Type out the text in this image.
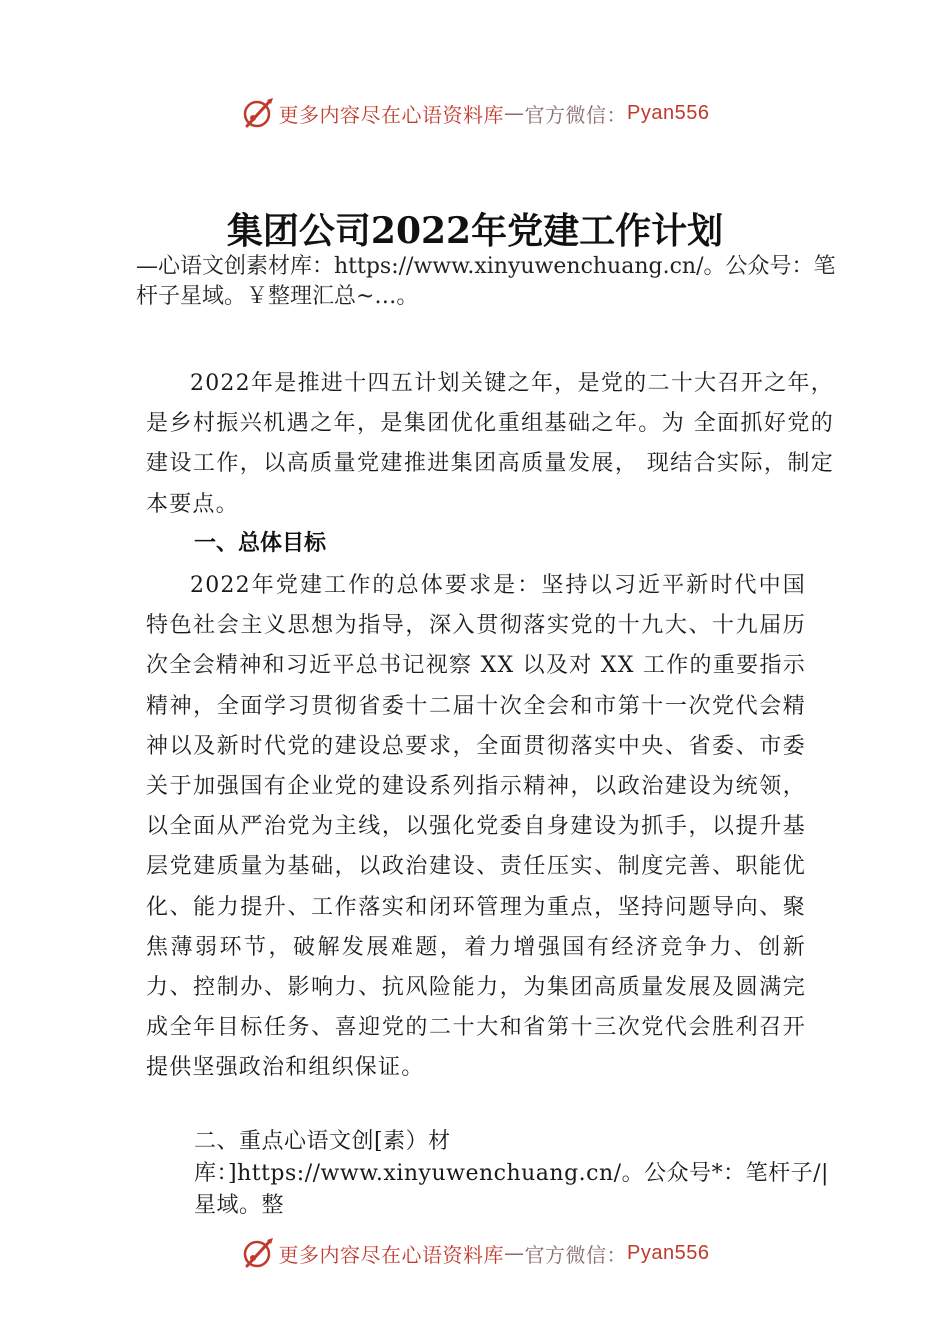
更多内容尽在心语资料库 — 官方微信： Pyan556
集团公司2022年党建工作计划
—心语文创素材库：https://www.xinyuwenchuang.cn/。公众号：笔杆子星域。￥整理汇总~…。

2022年是推进十四五计划关键之年，是党的二十大召开之年，是乡村振兴机遇之年，是集团优化重组基础之年。为 全面抓好党的建设工作，以高质量党建推进集团高质量发展， 现结合实际，制定本要点。

一、总体目标

2022年党建工作的总体要求是：坚持以习近平新时代中国特色社会主义思想为指导，深入贯彻落实党的十九大、十九届历次全会精神和习近平总书记视察 XX 以及对 XX 工作的重要指示精神，全面学习贯彻省委十二届十次全会和市第十一次党代会精神以及新时代党的建设总要求，全面贯彻落实中央、省委、市委关于加强国有企业党的建设系列指示精神，以政治建设为统领，以全面从严治党为主线，以强化党委自身建设为抓手，以提升基层党建质量为基础，以政治建设、责任压实、制度完善、职能优化、能力提升、工作落实和闭环管理为重点，坚持问题导向、聚焦薄弱环节，破解发展难题，着力增强国有经济竞争力、创新力、控制办、影响力、抗风险能力，为集团高质量发展及圆满完成全年目标任务、喜迎党的二十大和省第十三次党代会胜利召开提供坚强政治和组织保证。

二、重点心语文创[素）材库：]https://www.xinyuwenchuang.cn/。公众号*：笔杆子/|星域。整
更多内容尽在心语资料库 — 官方微信： Pyan556
